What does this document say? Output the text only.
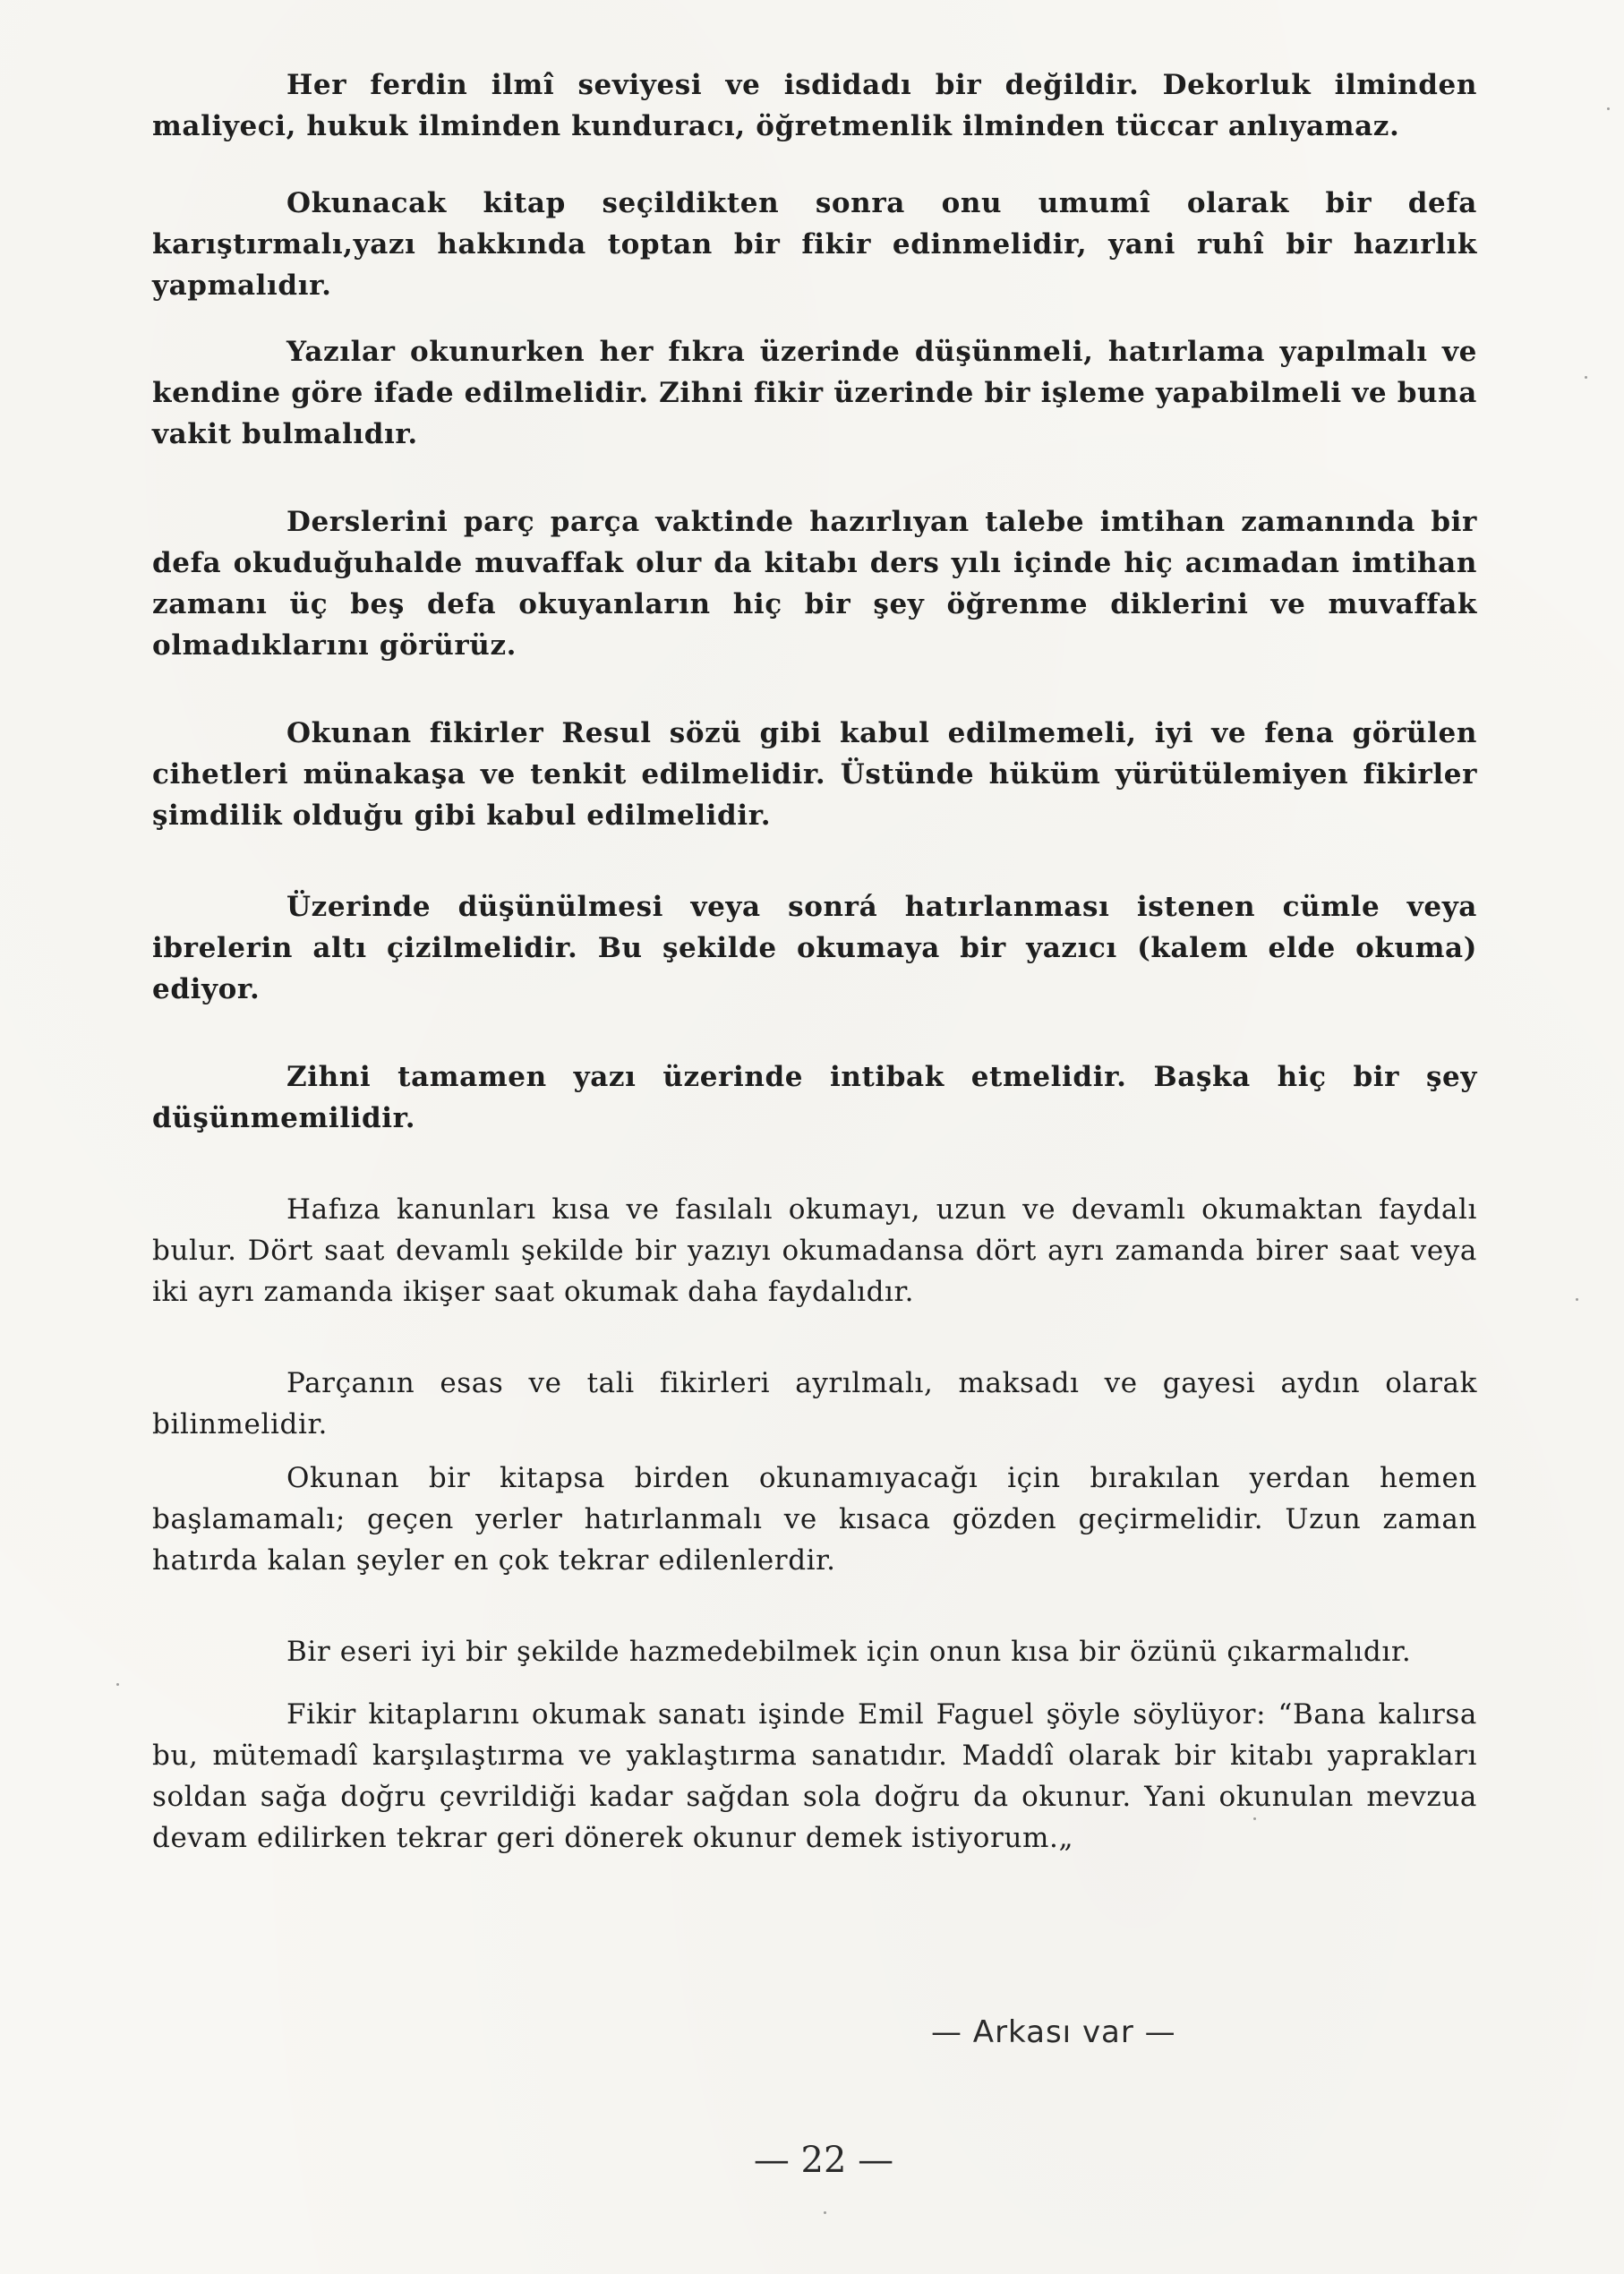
Her ferdin ilmî seviyesi ve isdidadı bir değildir. Dekorluk ilminden maliyeci, hukuk ilminden kunduracı, öğretmenlik ilminden tüccar anlıyamaz.

Okunacak kitap seçildikten sonra onu umumî olarak bir defa karıştırmalı,yazı hakkında toptan bir fikir edinmelidir, yani ruhî bir hazırlık yapmalıdır.

Yazılar okunurken her fıkra üzerinde düşünmeli, hatırlama yapılmalı ve kendine göre ifade edilmelidir. Zihni fikir üzerinde bir işleme yapabilmeli ve buna vakit bulmalıdır.

Derslerini parç parça vaktinde hazırlıyan talebe imtihan zamanında bir defa okuduğuhalde muvaffak olur da kitabı ders yılı içinde hiç acımadan imtihan zamanı üç beş defa okuyanların hiç bir şey öğrenme diklerini ve muvaffak olmadıklarını görürüz.

Okunan fikirler Resul sözü gibi kabul edilmemeli, iyi ve fena görülen cihetleri münakaşa ve tenkit edilmelidir. Üstünde hüküm yürütülemiyen fikirler şimdilik olduğu gibi kabul edilmelidir.

Üzerinde düşünülmesi veya sonrá hatırlanması istenen cümle veya ibrelerin altı çizilmelidir. Bu şekilde okumaya bir yazıcı (kalem elde okuma) ediyor.

Zihni tamamen yazı üzerinde intibak etmelidir. Başka hiç bir şey düşünmemilidir.

Hafıza kanunları kısa ve fasılalı okumayı, uzun ve devamlı okumaktan faydalı bulur. Dört saat devamlı şekilde bir yazıyı okumadansa dört ayrı zamanda birer saat veya iki ayrı zamanda ikişer saat okumak daha faydalıdır.

Parçanın esas ve tali fikirleri ayrılmalı, maksadı ve gayesi aydın olarak bilinmelidir.

Okunan bir kitapsa birden okunamıyacağı için bırakılan yerdan hemen başlamamalı; geçen yerler hatırlanmalı ve kısaca gözden geçirmelidir. Uzun zaman hatırda kalan şeyler en çok tekrar edilenlerdir.

Bir eseri iyi bir şekilde hazmedebilmek için onun kısa bir özünü çıkarmalıdır.

Fikir kitaplarını okumak sanatı işinde Emil Faguel şöyle söylüyor: “Bana kalırsa bu, mütemadî karşılaştırma ve yaklaştırma sanatıdır. Maddî olarak bir kitabı yaprakları soldan sağa doğru çevrildiği kadar sağdan sola doğru da okunur. Yani okunulan mevzua devam edilirken tekrar geri dönerek okunur demek istiyorum.„

— Arkası var —

— 22 —
